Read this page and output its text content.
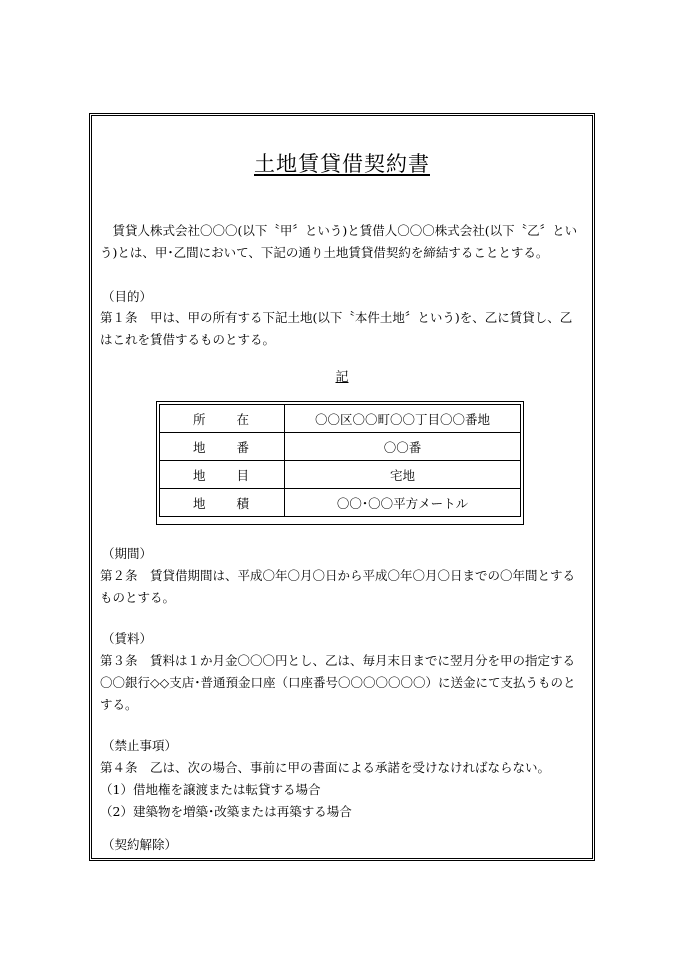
土地賃貸借契約書
　賃貸人株式会社〇〇〇(以下〝甲〞という)と賃借人〇〇〇株式会社(以下〝乙〞とい
う)とは、甲･乙間において、下記の通り土地賃貸借契約を締結することとする。
（目的）
第１条　甲は、甲の所有する下記土地(以下〝本件土地〞という)を、乙に賃貸し、乙
はこれを賃借するものとする。
記
所　　在	〇〇区〇〇町〇〇丁目〇〇番地
地　　番	〇〇番
地　　目	宅地
地　　積	〇〇･〇〇平方メートル
（期間）
第２条　賃貸借期間は、平成〇年〇月〇日から平成〇年〇月〇日までの〇年間とする
ものとする。
（賃料）
第３条　賃料は１か月金〇〇〇円とし、乙は、毎月末日までに翌月分を甲の指定する
〇〇銀行◇◇支店･普通預金口座（口座番号〇〇〇〇〇〇〇）に送金にて支払うものと
する。
（禁止事項）
第４条　乙は、次の場合、事前に甲の書面による承諾を受けなければならない。
（1）借地権を譲渡または転貸する場合
（2）建築物を増築･改築または再築する場合
（契約解除）
